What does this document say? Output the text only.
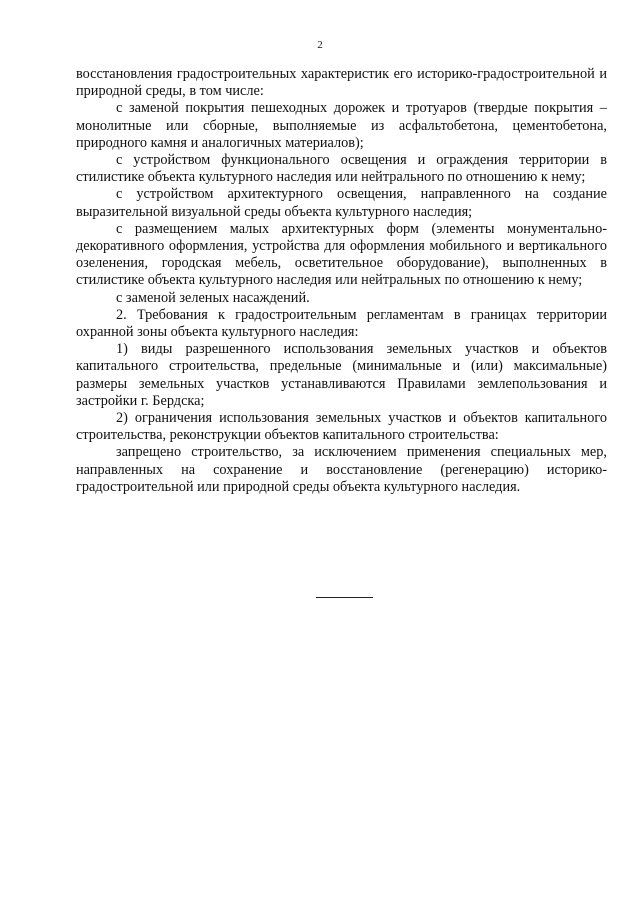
2

восстановления градостроительных характеристик его историко-градостроительной и природной среды, в том числе:

с заменой покрытия пешеходных дорожек и тротуаров (твердые покрытия – монолитные или сборные, выполняемые из асфальтобетона, цементобетона, природного камня и аналогичных материалов);

с устройством функционального освещения и ограждения территории в стилистике объекта культурного наследия или нейтрального по отношению к нему;

с устройством архитектурного освещения, направленного на создание выразительной визуальной среды объекта культурного наследия;

с размещением малых архитектурных форм (элементы монументально-декоративного оформления, устройства для оформления мобильного и вертикального озеленения, городская мебель, осветительное оборудование), выполненных в стилистике объекта культурного наследия или нейтральных по отношению к нему;

с заменой зеленых насаждений.

2. Требования к градостроительным регламентам в границах территории охранной зоны объекта культурного наследия:

1) виды разрешенного использования земельных участков и объектов капитального строительства, предельные (минимальные и (или) максимальные) размеры земельных участков устанавливаются Правилами землепользования и застройки г. Бердска;

2) ограничения использования земельных участков и объектов капитального строительства, реконструкции объектов капитального строительства:

запрещено строительство, за исключением применения специальных мер, направленных на сохранение и восстановление (регенерацию) историко-градостроительной или природной среды объекта культурного наследия.
